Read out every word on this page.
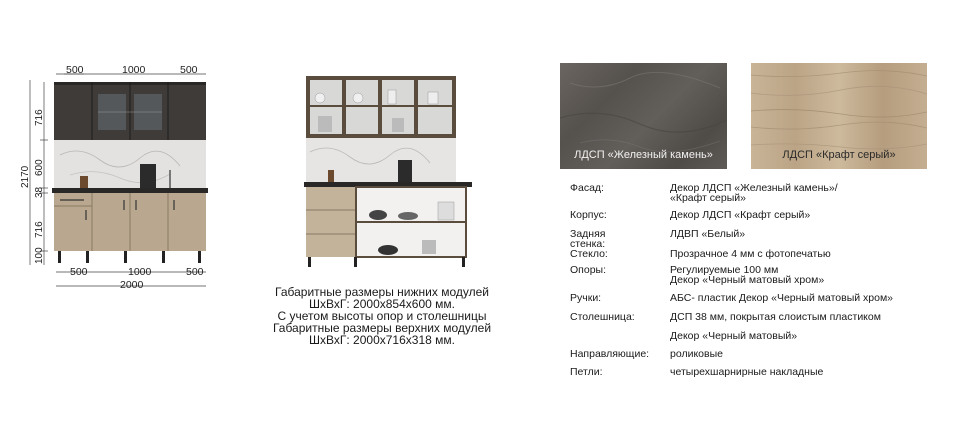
500	1000	500
2170
716
600
38
716
100
500	1000	500
2000	Габаритные размеры нижних модулей
ШхВхГ: 2000х854х600 мм.
С учетом высоты опор и столешницы
Габаритные размеры верхних модулей
ШхВхГ: 2000х716х318 мм.
ЛДСП «Железный камень»	ЛДСП «Крафт серый»
Фасад:	Декор ЛДСП «Железный камень»/
«Крафт серый»
Корпус:	Декор ЛДСП «Крафт серый»
Задняя стенка:
ЛДВП «Белый»
Стекло:	Прозрачное 4 мм с фотопечатью
Опоры:	Регулируемые 100 мм
Декор «Черный матовый хром»
Ручки:	АБС- пластик Декор «Черный матовый хром»
Столешница:	ДСП 38 мм, покрытая слоистым пластиком
Декор «Черный матовый»
Направляющие: роликовые
Петли:	четырехшарнирные накладные
